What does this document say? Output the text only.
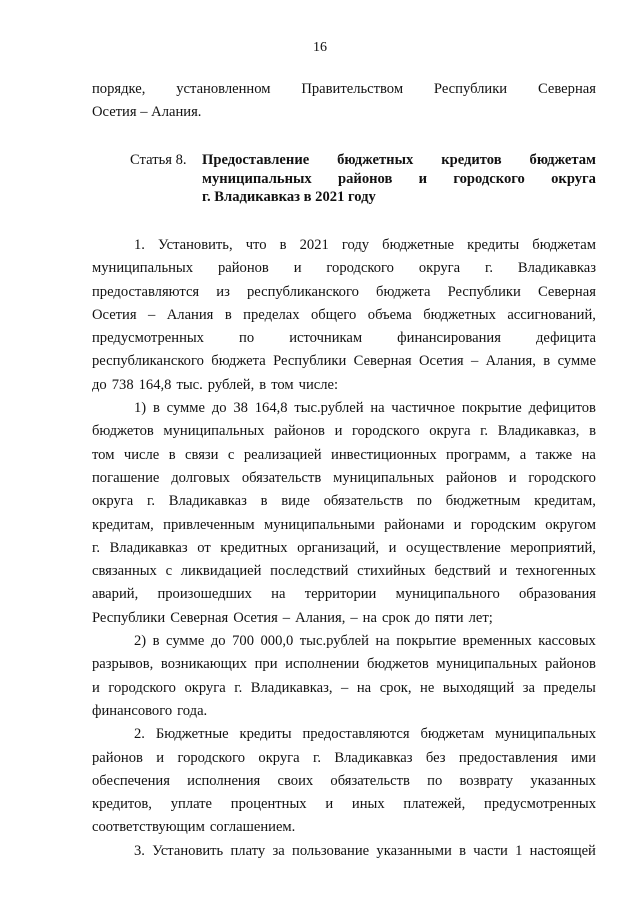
16
порядке, установленном Правительством Республики Северная
Осетия – Алания.
Статья 8.	Предоставление бюджетных кредитов бюджетам
муниципальных районов и городского округа
г. Владикавказ в 2021 году
1. Установить, что в 2021 году бюджетные кредиты бюджетам
муниципальных районов и городского округа г. Владикавказ
предоставляются из республиканского бюджета Республики Северная
Осетия – Алания в пределах общего объема бюджетных ассигнований,
предусмотренных по источникам финансирования дефицита
республиканского бюджета Республики Северная Осетия – Алания, в сумме
до 738 164,8 тыс. рублей, в том числе:
1) в сумме до 38 164,8 тыс.рублей на частичное покрытие дефицитов
бюджетов муниципальных районов и городского округа г. Владикавказ, в
том числе в связи с реализацией инвестиционных программ, а также на
погашение долговых обязательств муниципальных районов и городского
округа г. Владикавказ в виде обязательств по бюджетным кредитам,
кредитам, привлеченным муниципальными районами и городским округом
г. Владикавказ от кредитных организаций, и осуществление мероприятий,
связанных с ликвидацией последствий стихийных бедствий и техногенных
аварий, произошедших на территории муниципального образования
Республики Северная Осетия – Алания, – на срок до пяти лет;
2) в сумме до 700 000,0 тыс.рублей на покрытие временных кассовых
разрывов, возникающих при исполнении бюджетов муниципальных районов
и городского округа г. Владикавказ, – на срок, не выходящий за пределы
финансового года.
2. Бюджетные кредиты предоставляются бюджетам муниципальных
районов и городского округа г. Владикавказ без предоставления ими
обеспечения исполнения своих обязательств по возврату указанных
кредитов, уплате процентных и иных платежей, предусмотренных
соответствующим соглашением.
3. Установить плату за пользование указанными в части 1 настоящей
